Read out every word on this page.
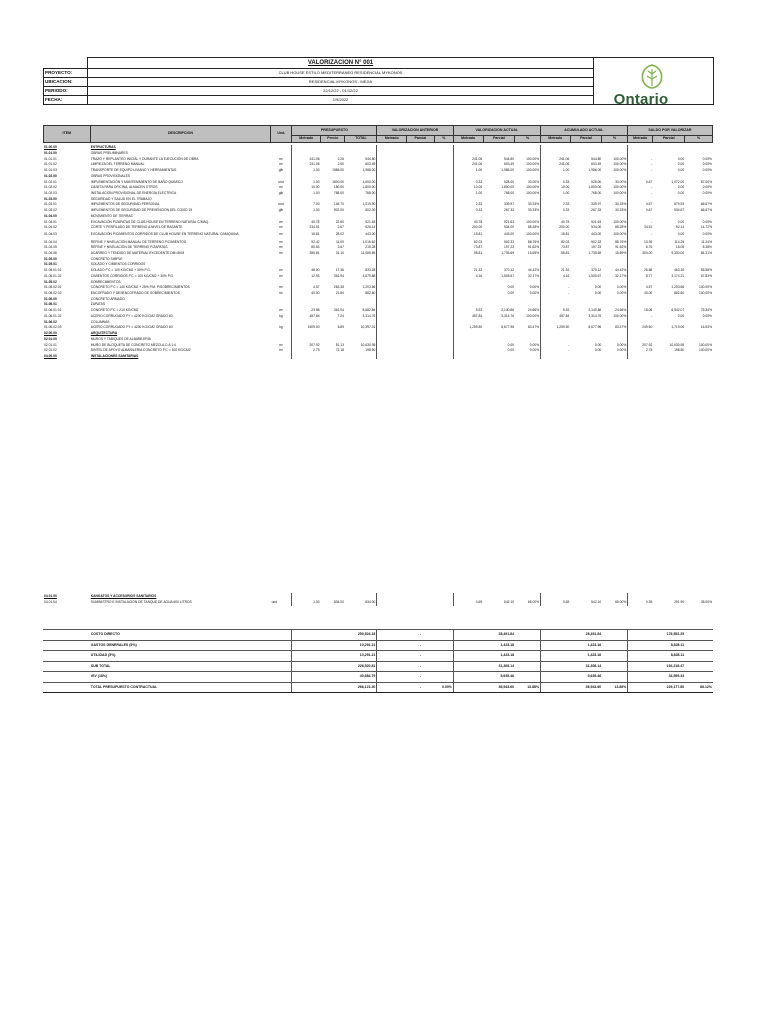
	VALORIZACION N° 001	
PROYECTO:	CLUB HOUSE ESTILO MEDITERRANEO RESIDENCIAL MYKONOS	
UBICACION:	RESIDENCIAL MYKONOS - MEJIA	
PERIODO:	22/12/22 - 01/12/22	
FECHA:	1/9/2022		Ontario
ITEM	DESCRIPCION	Und.	PRESUPUESTO			VALORIZACION ANTERIOR			VALORIZACION ACTUAL			ACUMULADO ACTUAL			SALDO POR VALORIZAR		
			Metrado	Precio	TOTAL	Metrado	Parcial	%	Metrado	Parcial	%	Metrado	Parcial	%	Metrado	Parcial	%
01.00.00	ESTRUCTURAS																
01.01.00	OBRAS PRELIMINARES																
01.01.01	TRAZO Y REPLANTEO INICIAL Y DURANTE LA EJECUCIÓN DE OBRA	m²	241.06	2.26	544.80				241.06	544.80	100.00%	241.06	544.80	100.00%	-	0.00	0.00%
01.01.02	LIMPIEZA DEL TERRENO MANUAL	m²	241.06	2.50	603.49				241.06	603.49	100.00%	241.06	603.49	100.00%	-	0.00	0.00%
01.01.03	TRANSPORTE DE EQUIPO LIVIANO Y HERRAMIENTAS	glb	1.00	1986.00	1,986.00				1.00	1,986.00	100.00%	1.00	1,986.00	100.00%	-	0.00	0.00%
01.02.00	OBRAS PROVISIONALES																
01.02.01	IMPLEMENTACIÓN Y MANTENIMIENTO DE BAÑO QUIMICO	und	1.00	1600.00	1,600.00				0.33	528.00	33.00%	0.33	528.00	33.00%	0.67	1,072.00	67.00%
01.02.02	CASETA PARA OFICINA, ALMACEN OTROS	m²	10.00	180.00	1,800.00				10.00	1,800.00	100.00%	10.00	1,800.00	100.00%	-	0.00	0.00%
01.02.03	INSTALACIÓN PROVISIONAL DE ENERGÍA ELÉCTRICA	glb	1.00	768.00	768.00				1.00	768.00	100.00%	1.00	768.00	100.00%	-	0.00	0.00%
01.03.00	SEGURIDAD Y SALUD EN EL TRABAJO																
01.03.01	IMPLEMENTOS DE SEGURIDAD PERSONAL	und	7.00	145.70	1,019.90				2.33	339.97	33.33%	2.33	339.97	33.33%	4.67	679.93	66.67%
01.03.02	IMPLEMENTOS DE SEGURIDAD DE PREVENCIÓN DEL COVID 19	glb	1.00	802.00	802.00				0.33	267.33	33.33%	0.33	267.33	33.33%	0.67	534.67	66.67%
01.04.00	MOVIMIENTO DE TIERRAS																
01.04.01	EXCAVACIÓN P/ZAPATAS DE CLUB HOUSE EN TERRENO NATURAL C/MAQ.	m³	40.78	22.60	921.63				40.78	921.63	100.00%	40.78	921.63	100.00%	-	0.00	0.00%
01.04.02	CORTE Y PERFILADO DE TERRENO A NIVEL DE RASANTE	m²	234.51	2.67	626.14				200.00	534.00	85.28%	200.00	534.00	85.28%	34.51	92.14	14.72%
01.04.03	EXCAVACIÓN P/CIMIENTOS CORRIDOS DE CLUB HOUSE EN TERRENO NATURAL C/MAQUINA	m³	15.81	28.02	443.00				15.81	443.00	100.00%	15.81	443.00	100.00%	-	0.00	0.00%
01.04.04	REFINE Y NIVELACIÓN MANUAL DE TERRENO P/CIMIENTOS	m²	92.42	11.00	1,016.62				82.03	902.33	88.76%	82.03	902.33	88.76%	10.39	114.29	11.24%
01.04.05	REFINE Y NIVELACIÓN DE TERRENO P/ZAPATAS	m²	80.63	2.67	215.28				73.87	197.23	91.62%	73.87	197.23	91.62%	6.76	18.05	8.38%
01.04.06	ACARREO Y TENDIDO DE MATERIAL EXCEDENTE DM=5KM	m³	355.81	31.10	11,065.69				55.81	1,735.69	15.69%	55.81	1,735.69	15.69%	300.00	9,330.00	84.31%
01.05.00	CONCRETO SIMPLE																
01.05.01	SOLADO Y CIMIENTOS CORRIDOS																
01.05.01.01	SOLADO F'C = 100 KG/CM2 + 30% P.G.	m²	48.00	17.36	833.28				21.32	370.12	44.42%	21.32	370.12	44.42%	26.68	463.16	55.58%
01.05.01.02	CIMIENTOS CORRIDOS F'C = 100 KG/CM2 + 30% P.G.	m³	12.93	361.94	4,679.88				4.16	1,505.67	32.17%	4.16	1,505.67	32.17%	8.77	3,174.21	67.83%
01.05.02	SOBRECIMIENTOS																
01.05.02.01	CONCRETO F'C = 140 KG/CM2 + 25% P.M. P/SOBRECIMIENTOS	m³	4.57	263.38	1,203.66					0.00	0.00%	-	0.00	0.00%	4.57	1,203.66	100.00%
01.05.02.02	ENCOFRADO Y DESENCOFRADO DE SOBRECIMIENTOS	m²	40.00	21.84	882.60					0.00	0.00%	-	0.00	0.00%	40.00	882.60	100.00%
01.06.00	CONCRETO ARMADO																
01.06.01	ZAPATAS																
01.06.01.01	CONCRETO F'C = 210 KG/CM2	m³	23.98	361.94	8,682.84				5.92	2,140.86	24.66%	5.92	2,140.86	24.66%	18.06	6,542.07	75.34%
01.06.01.02	ACERO CORRUGADO FY = 4200 KG/CM2 GRADO 60	kg	457.84	7.24	3,314.76				457.84	3,314.76	100.00%	457.84	3,314.76	100.00%	-	0.00	0.00%
01.06.02	COLUMNAS																
01.06.02.03	ACERO CORRUGADO FY = 4200 KG/CM2 GRADO 60	kg	1509.00	6.89	10,397.01				1,259.50	8,677.96	83.47%	1,259.50	8,677.96	83.47%	249.50	1,719.06	16.53%
02.00.00	ARQUITECTURA																
02.01.00	MUROS Y TABIQUES DE ALBAÑILERÍA																
02.01.01	MURO DE BLOQUETA DE CONCRETO MEZCLA C:A 1:4	m²	207.92	51.13	10,630.95					0.00	0.00%	-	0.00	0.00%	207.92	10,630.95	100.00%
02.01.02	DINTEL DE APOYO ALBAÑILERÍA CONCRETO F'C = 100 KG/CM2	m³	2.75	72.18	198.50					0.00	0.00%	-	0.00	0.00%	2.75	198.50	100.00%
04.00.00	INSTALACIONES SANITARIAS																
04.01.00	KANGATOS Y ACCESORIOS SANITARIOS																
04.01.04	SUMINISTRO E INSTALACIÓN DE TANQUE DE AGUA 600 LITROS	und	1.00	834.00	834.00				0.65	542.10	65.00%	0.65	542.10	65.00%	0.35	291.90	35.00%
	COSTO DIRECTO				250,524.18		-			28,491.84			28,491.84			176,552.25	
	GASTOS GENERALES (5%)				10,291.21		-			1,423.18			1,423.16			8,828.11	
	UTILIDAD (5%)				10,291.21		-			1,423.18			1,423.16			8,828.11	
	SUB TOTAL				226,520.81		-			31,308.14			31,308.14			194,218.47	
	IGV (18%)				40,584.79		-			5,635.46			5,635.46			34,959.33	
	TOTAL PRESUPUESTO CONTRACTUAL				266,121.40		-	0.00%		36,943.60	13.88%		36,943.60	13.88%		229,177.80	86.12%
